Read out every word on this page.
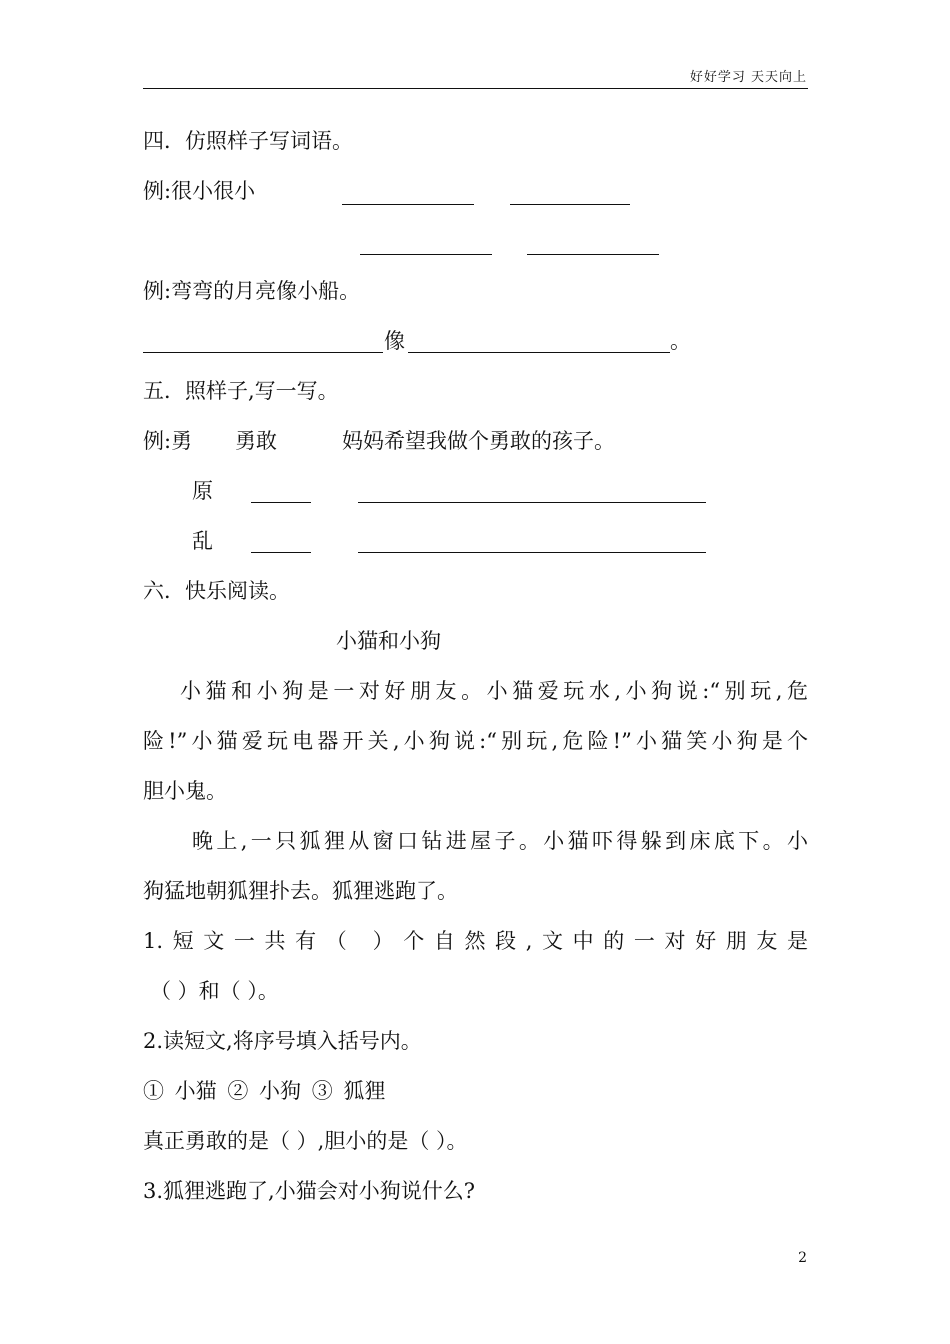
好好学习 天天向上
四．仿照样子写词语。
例:很小很小
例:弯弯的月亮像小船。
像	。
五．照样子,写一写。
例:勇 勇敢	妈妈希望我做个勇敢的孩子。
原
乱
六．快乐阅读。
小猫和小狗
小猫和小狗是一对好朋友。小猫爱玩水,小狗说:“别玩,危
险!”小猫爱玩电器开关,小狗说:“别玩,危险!”小猫笑小狗是个
胆小鬼。
晚上,一只狐狸从窗口钻进屋子。小猫吓得躲到床底下。小
狗猛地朝狐狸扑去。狐狸逃跑了。
1.短文一共有（ ）个自然段,文中的一对好朋友是
（ ）和（ ）。
2.读短文,将序号填入括号内。
① 小猫 ② 小狗 ③ 狐狸
真正勇敢的是（ ）,胆小的是（ ）。
3.狐狸逃跑了,小猫会对小狗说什么?
2
